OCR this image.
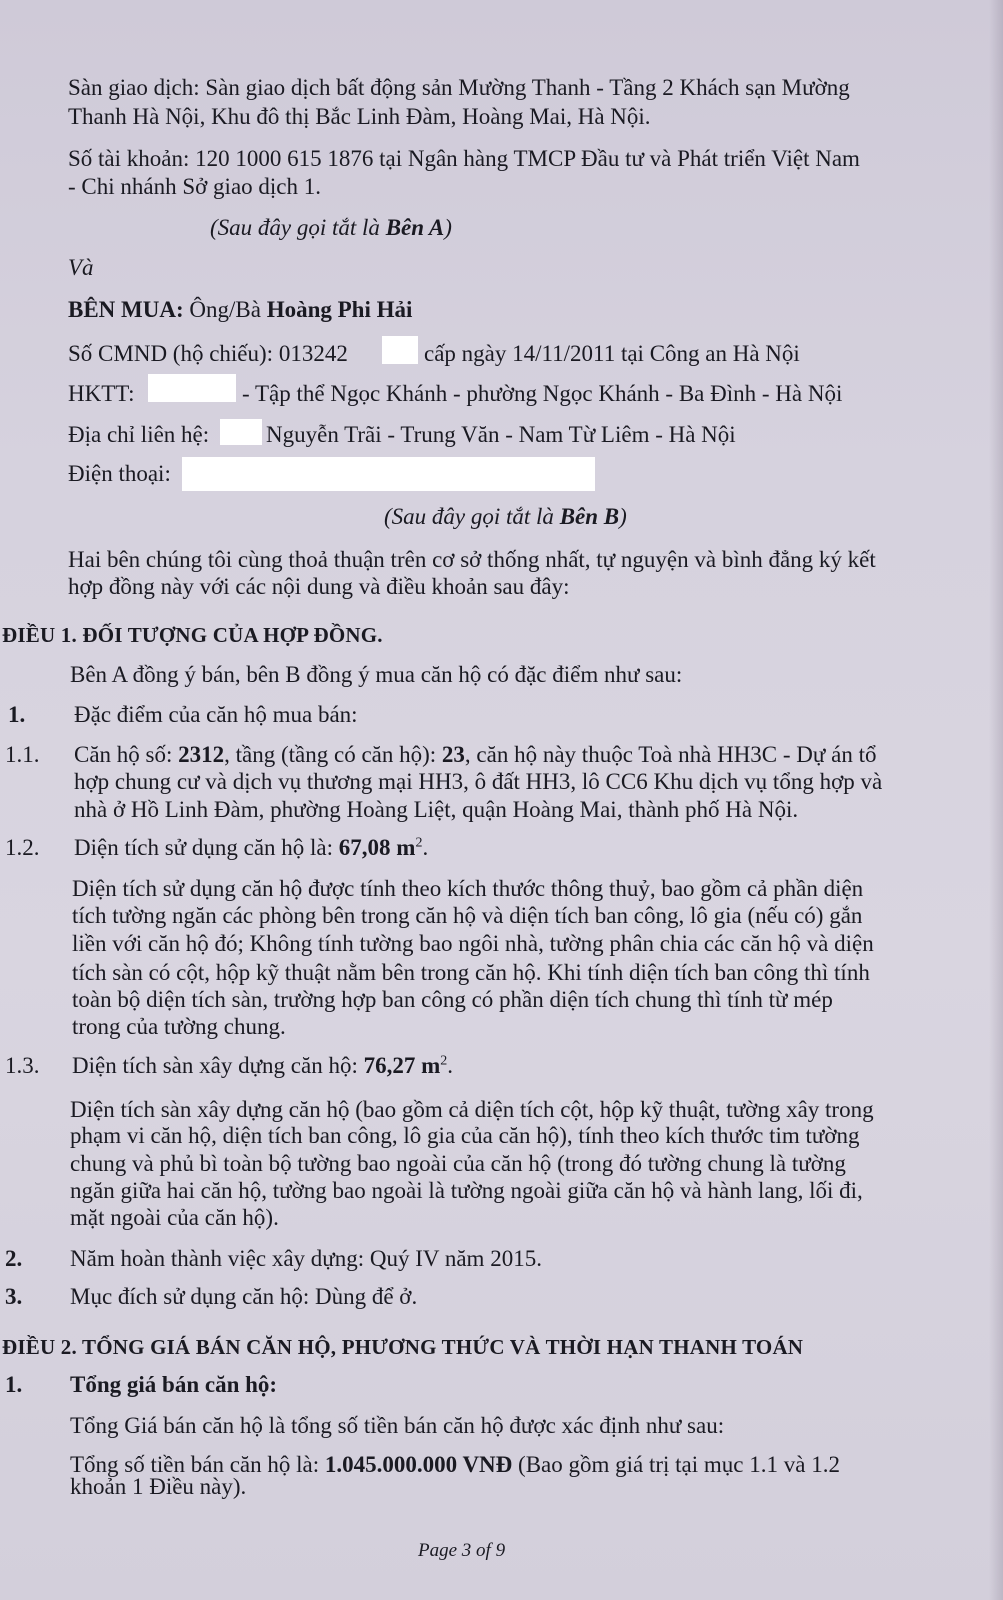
Sàn giao dịch: Sàn giao dịch bất động sản Mường Thanh - Tầng 2 Khách sạn Mường
Thanh Hà Nội, Khu đô thị Bắc Linh Đàm, Hoàng Mai, Hà Nội.
Số tài khoản: 120 1000 615 1876 tại Ngân hàng TMCP Đầu tư và Phát triển Việt Nam
- Chi nhánh Sở giao dịch 1.
(Sau đây gọi tắt là Bên A)
Và
BÊN MUA: Ông/Bà Hoàng Phi Hải
Số CMND (hộ chiếu): 013242	cấp ngày 14/11/2011 tại Công an Hà Nội
HKTT:	- Tập thể Ngọc Khánh - phường Ngọc Khánh - Ba Đình - Hà Nội
Địa chỉ liên hệ: Nguyễn Trãi - Trung Văn - Nam Từ Liêm - Hà Nội
Điện thoại:
(Sau đây gọi tắt là Bên B)
Hai bên chúng tôi cùng thoả thuận trên cơ sở thống nhất, tự nguyện và bình đẳng ký kết
hợp đồng này với các nội dung và điều khoản sau đây:
ĐIỀU 1. ĐỐI TƯỢNG CỦA HỢP ĐỒNG.
Bên A đồng ý bán, bên B đồng ý mua căn hộ có đặc điểm như sau:
1. Đặc điểm của căn hộ mua bán:
1.1. Căn hộ số: 2312, tầng (tầng có căn hộ): 23, căn hộ này thuộc Toà nhà HH3C - Dự án tổ
hợp chung cư và dịch vụ thương mại HH3, ô đất HH3, lô CC6 Khu dịch vụ tổng hợp và
nhà ở Hồ Linh Đàm, phường Hoàng Liệt, quận Hoàng Mai, thành phố Hà Nội.
1.2. Diện tích sử dụng căn hộ là: 67,08 $m^2$.
Diện tích sử dụng căn hộ được tính theo kích thước thông thuỷ, bao gồm cả phần diện
tích tường ngăn các phòng bên trong căn hộ và diện tích ban công, lô gia (nếu có) gắn
liền với căn hộ đó; Không tính tường bao ngôi nhà, tường phân chia các căn hộ và diện
tích sàn có cột, hộp kỹ thuật nằm bên trong căn hộ. Khi tính diện tích ban công thì tính
toàn bộ diện tích sàn, trường hợp ban công có phần diện tích chung thì tính từ mép
trong của tường chung.
1.3. Diện tích sàn xây dựng căn hộ: 76,27 $m^2$.
Diện tích sàn xây dựng căn hộ (bao gồm cả diện tích cột, hộp kỹ thuật, tường xây trong
phạm vi căn hộ, diện tích ban công, lô gia của căn hộ), tính theo kích thước tim tường
chung và phủ bì toàn bộ tường bao ngoài của căn hộ (trong đó tường chung là tường
ngăn giữa hai căn hộ, tường bao ngoài là tường ngoài giữa căn hộ và hành lang, lối đi,
mặt ngoài của căn hộ).
2. Năm hoàn thành việc xây dựng: Quý IV năm 2015.
3. Mục đích sử dụng căn hộ: Dùng để ở.
ĐIỀU 2. TỔNG GIÁ BÁN CĂN HỘ, PHƯƠNG THỨC VÀ THỜI HẠN THANH TOÁN
1. Tổng giá bán căn hộ:
Tổng Giá bán căn hộ là tổng số tiền bán căn hộ được xác định như sau:
Tổng số tiền bán căn hộ là: 1.045.000.000 VNĐ (Bao gồm giá trị tại mục 1.1 và 1.2
khoản 1 Điều này).
Page 3 of 9
